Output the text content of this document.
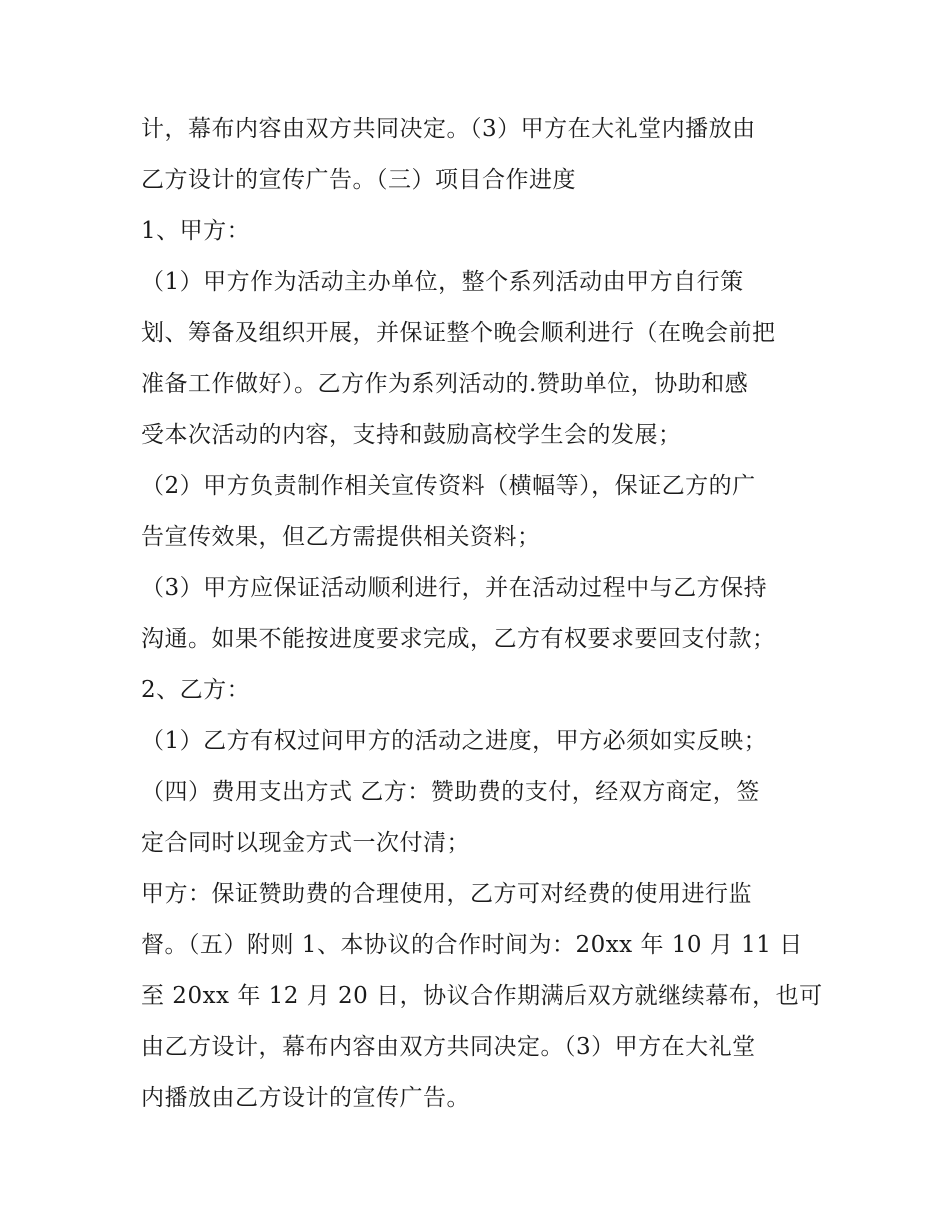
计，幕布内容由双方共同决定。（3）甲方在大礼堂内播放由
乙方设计的宣传广告。（三）项目合作进度
1、甲方：
（1）甲方作为活动主办单位，整个系列活动由甲方自行策
划、筹备及组织开展，并保证整个晚会顺利进行（在晚会前把
准备工作做好）。乙方作为系列活动的.赞助单位，协助和感
受本次活动的内容，支持和鼓励高校学生会的发展；
（2）甲方负责制作相关宣传资料（横幅等），保证乙方的广
告宣传效果，但乙方需提供相关资料；
（3）甲方应保证活动顺利进行，并在活动过程中与乙方保持
沟通。如果不能按进度要求完成，乙方有权要求要回支付款；
2、乙方：
（1）乙方有权过问甲方的活动之进度，甲方必须如实反映；
（四）费用支出方式 乙方：赞助费的支付，经双方商定，签
定合同时以现金方式一次付清；
甲方：保证赞助费的合理使用，乙方可对经费的使用进行监
督。（五）附则 1、本协议的合作时间为：20xx 年 10 月 11 日
至 20xx 年 12 月 20 日，协议合作期满后双方就继续幕布，也可
由乙方设计，幕布内容由双方共同决定。（3）甲方在大礼堂
内播放由乙方设计的宣传广告。
